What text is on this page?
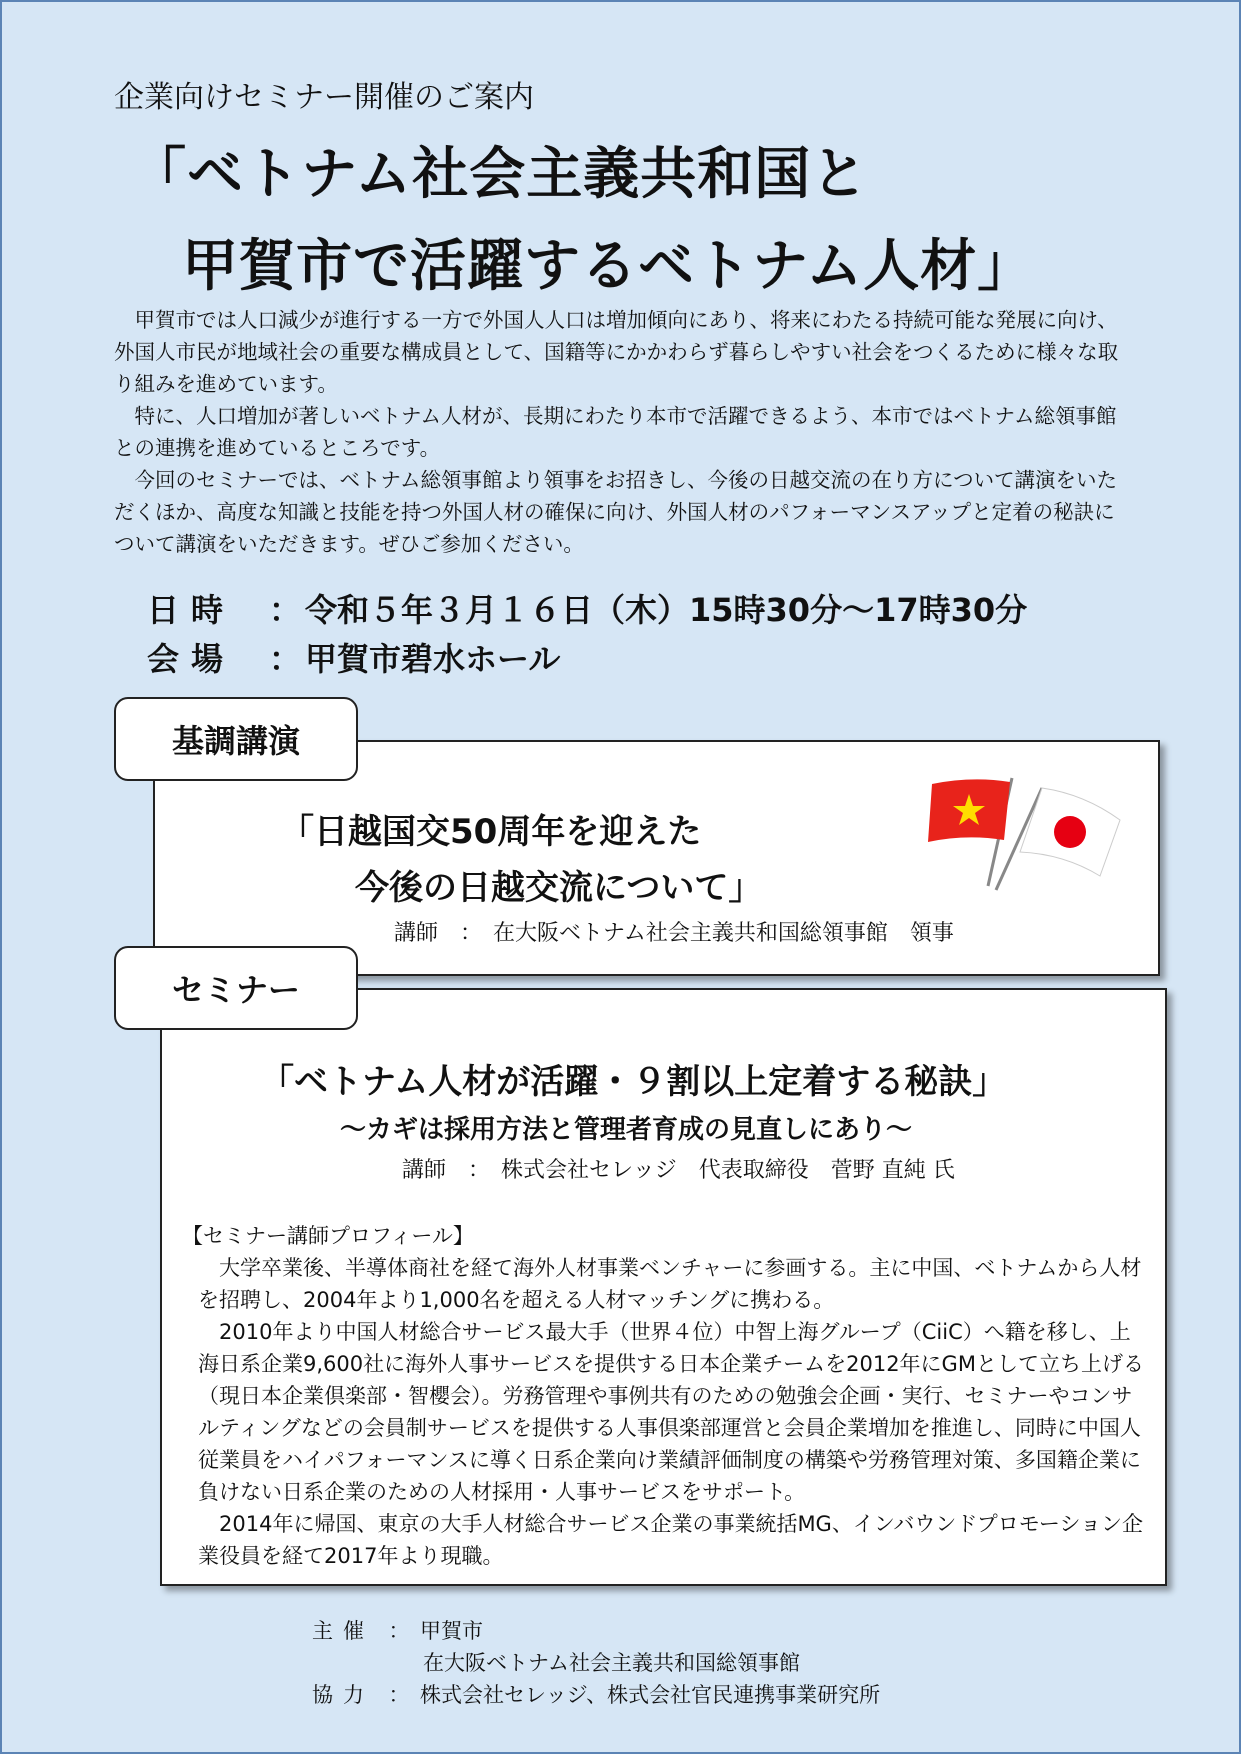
企業向けセミナー開催のご案内
「ベトナム社会主義共和国と
甲賀市で活躍するベトナム人材」

甲賀市では人口減少が進行する一方で外国人人口は増加傾向にあり、将来にわたる持続可能な発展に向け、外国人市民が地域社会の重要な構成員として、国籍等にかかわらず暮らしやすい社会をつくるために様々な取り組みを進めています。

特に、人口増加が著しいベトナム人材が、長期にわたり本市で活躍できるよう、本市ではベトナム総領事館との連携を進めているところです。

今回のセミナーでは、ベトナム総領事館より領事をお招きし、今後の日越交流の在り方について講演をいただくほか、高度な知識と技能を持つ外国人材の確保に向け、外国人材のパフォーマンスアップと定着の秘訣について講演をいただきます。ぜひご参加ください。

日時 ： 令和５年３月１６日（木）15時30分～17時30分
会場 ： 甲賀市碧水ホール
基調講演
「日越国交50周年を迎えた
今後の日越交流について」
講師　：　在大阪ベトナム社会主義共和国総領事館　領事
セミナー
「ベトナム人材が活躍・９割以上定着する秘訣」
～カギは採用方法と管理者育成の見直しにあり～
講師　：　株式会社セレッジ　代表取締役　菅野 直純 氏
【セミナー講師プロフィール】

大学卒業後、半導体商社を経て海外人材事業ベンチャーに参画する。主に中国、ベトナムから人材を招聘し、2004年より1,000名を超える人材マッチングに携わる。

2010年より中国人材総合サービス最大手（世界４位）中智上海グループ（CiiC）へ籍を移し、上海日系企業9,600社に海外人事サービスを提供する日本企業チームを2012年にGMとして立ち上げる（現日本企業倶楽部・智櫻会）。労務管理や事例共有のための勉強会企画・実行、セミナーやコンサルティングなどの会員制サービスを提供する人事倶楽部運営と会員企業増加を推進し、同時に中国人従業員をハイパフォーマンスに導く日系企業向け業績評価制度の構築や労務管理対策、多国籍企業に負けない日系企業のための人材採用・人事サービスをサポート。

2014年に帰国、東京の大手人材総合サービス企業の事業統括MG、インバウンドプロモーション企業役員を経て2017年より現職。

主催 ： 甲賀市
在大阪ベトナム社会主義共和国総領事館
協力 ： 株式会社セレッジ、株式会社官民連携事業研究所
